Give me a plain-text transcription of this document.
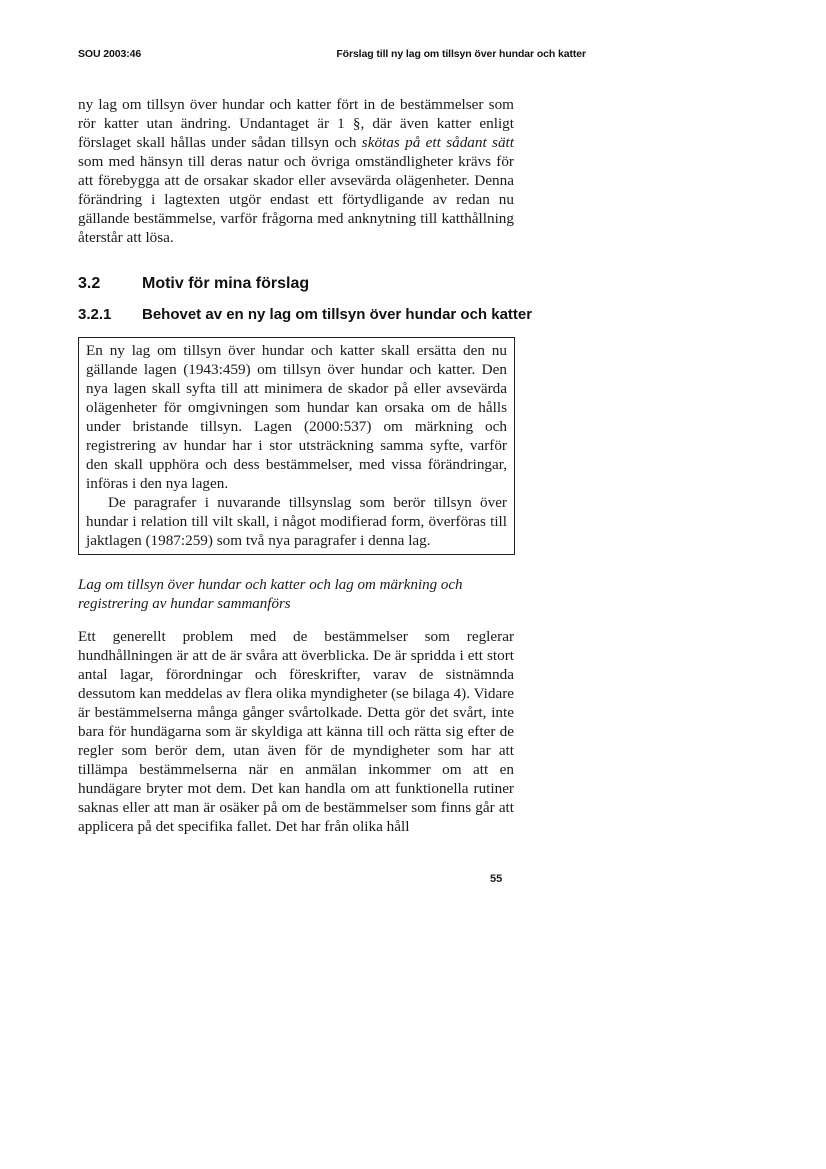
SOU 2003:46	Förslag till ny lag om tillsyn över hundar och katter

ny lag om tillsyn över hundar och katter fört in de bestämmelser som rör katter utan ändring. Undantaget är 1 §, där även katter enligt förslaget skall hållas under sådan tillsyn och skötas på ett sådant sätt som med hänsyn till deras natur och övriga omständligheter krävs för att förebygga att de orsakar skador eller avsevärda olägenheter. Denna förändring i lagtexten utgör endast ett förtydligande av redan nu gällande bestämmelse, varför frågorna med anknytning till katthållning återstår att lösa.

3.2	Motiv för mina förslag
3.2.1 Behovet av en ny lag om tillsyn över hundar och katter

En ny lag om tillsyn över hundar och katter skall ersätta den nu gällande lagen (1943:459) om tillsyn över hundar och katter. Den nya lagen skall syfta till att minimera de skador på eller avsevärda olägenheter för omgivningen som hundar kan orsaka om de hålls under bristande tillsyn. Lagen (2000:537) om märkning och registrering av hundar har i stor utsträckning samma syfte, varför den skall upphöra och dess bestämmelser, med vissa förändringar, införas i den nya lagen.

De paragrafer i nuvarande tillsynslag som berör tillsyn över hundar i relation till vilt skall, i något modifierad form, överföras till jaktlagen (1987:259) som två nya paragrafer i denna lag.

Lag om tillsyn över hundar och katter och lag om märkning och registrering av hundar sammanförs

Ett generellt problem med de bestämmelser som reglerar hundhållningen är att de är svåra att överblicka. De är spridda i ett stort antal lagar, förordningar och föreskrifter, varav de sistnämnda dessutom kan meddelas av flera olika myndigheter (se bilaga 4). Vidare är bestämmelserna många gånger svårtolkade. Detta gör det svårt, inte bara för hundägarna som är skyldiga att känna till och rätta sig efter de regler som berör dem, utan även för de myndigheter som har att tillämpa bestämmelserna när en anmälan inkommer om att en hundägare bryter mot dem. Det kan handla om att funktionella rutiner saknas eller att man är osäker på om de bestämmelser som finns går att applicera på det specifika fallet. Det har från olika håll

55
